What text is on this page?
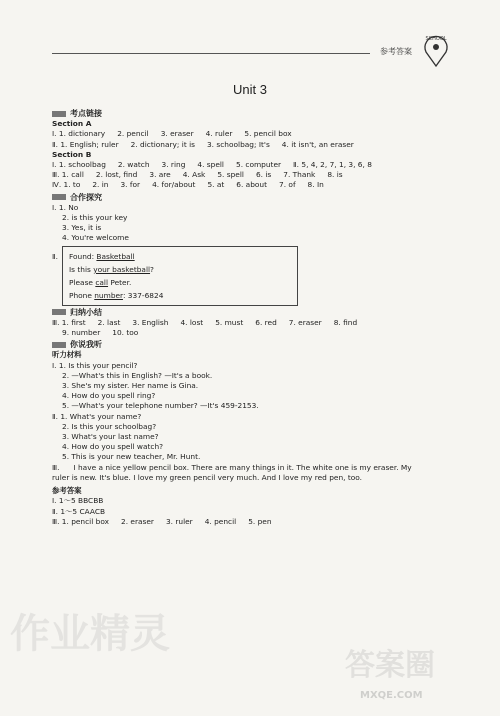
参考答案
SCHOOL
Unit 3
考点链接
Section A
Ⅰ. 1. dictionary 2. pencil 3. eraser 4. ruler 5. pencil box
Ⅱ. 1. English; ruler 2. dictionary; it is 3. schoolbag; It's 4. it isn't, an eraser
Section B
Ⅰ. 1. schoolbag 2. watch 3. ring 4. spell 5. computer Ⅱ. 5, 4, 2, 7, 1, 3, 6, 8
Ⅲ. 1. call 2. lost, find 3. are 4. Ask 5. spell 6. is 7. Thank 8. is
Ⅳ. 1. to 2. in 3. for 4. for/about 5. at 6. about 7. of 8. In
合作探究
Ⅰ. 1. No
2. is this your key
3. Yes, it is
4. You're welcome
Ⅱ. Found: Basketball
Is this your basketball?
Please call Peter.
Phone number: 337-6824
归纳小结
Ⅲ. 1. first 2. last 3. English 4. lost 5. must 6. red 7. eraser 8. find
9. number 10. too
你说我听
听力材料
Ⅰ. 1. Is this your pencil?
2. —What's this in English? —It's a book.
3. She's my sister. Her name is Gina.
4. How do you spell ring?
5. —What's your telephone number? —It's 459-2153.
Ⅱ. 1. What's your name?
2. Is this your schoolbag?
3. What's your last name?
4. How do you spell watch?
5. This is your new teacher, Mr. Hunt.
Ⅲ. I have a nice yellow pencil box. There are many things in it. The white one is my eraser. My
ruler is new. It's blue. I love my green pencil very much. And I love my red pen, too.
参考答案
Ⅰ. 1～5 BBCBB
Ⅱ. 1～5 CAACB
Ⅲ. 1. pencil box 2. eraser 3. ruler 4. pencil 5. pen
作业精灵
答案圈
MXQE.COM
